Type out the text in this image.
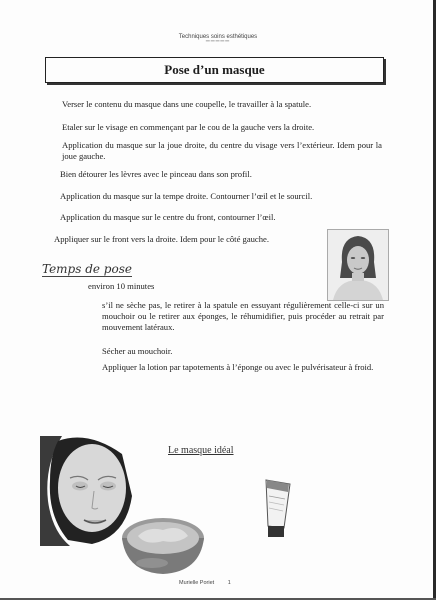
Techniques soins esthétiques
▔▔▔▔▔
Pose d’un masque
Verser le contenu du masque dans une coupelle, le travailler à la spatule.
Etaler sur le visage en commençant par le cou de la gauche vers la droite.
Application du masque sur la joue droite, du centre du visage vers l’extérieur. Idem pour la joue gauche.
Bien détourer les lèvres avec le pinceau dans son profil.
Application du masque sur la tempe droite. Contourner l’œil et le sourcil.
Application du masque sur le centre du front, contourner l’œil.
Appliquer sur le front vers la droite. Idem pour le côté gauche.
Temps de pose
environ 10 minutes
s’il ne sèche pas, le retirer à la spatule en essuyant régulièrement celle-ci sur un mouchoir ou le retirer aux éponges, le réhumidifier, puis procéder au retrait par mouvement latéraux.
Sécher au mouchoir.
Appliquer la lotion par tapotements à l’éponge ou avec le pulvérisateur à froid.
Le masque idéal
Murielle Poriet 1
